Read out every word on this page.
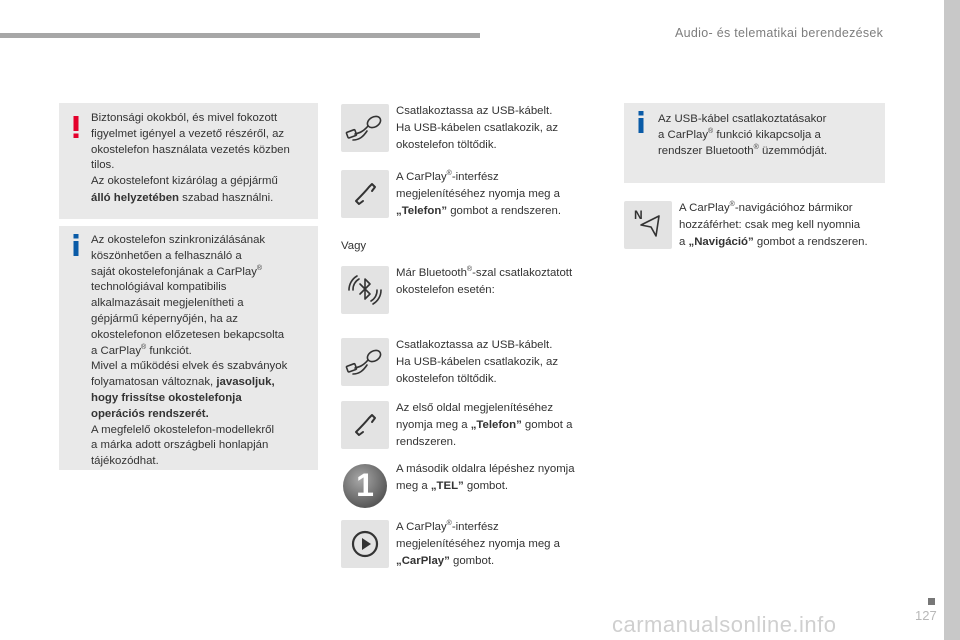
Audio- és telematikai berendezések
127
carmanualsonline.info

Biztonsági okokból, és mivel fokozott

figyelmet igényel a vezető részéről, az

okostelefon használata vezetés közben

tilos.

Az okostelefont kizárólag a gépjármű

álló helyzetében szabad használni.

Az okostelefon szinkronizálásának

köszönhetően a felhasználó a

saját okostelefonjának a CarPlay®

technológiával kompatibilis

alkalmazásait megjelenítheti a

gépjármű képernyőjén, ha az

okostelefonon előzetesen bekapcsolta

a CarPlay® funkciót.

Mivel a működési elvek és szabványok

folyamatosan változnak, javasoljuk,

hogy frissítse okostelefonja

operációs rendszerét.

A megfelelő okostelefon-modellekről

a márka adott országbeli honlapján

tájékozódhat.

Csatlakoztassa az USB-kábelt.

Ha USB-kábelen csatlakozik, az

okostelefon töltődik.

A CarPlay®-interfész

megjelenítéséhez nyomja meg a

„Telefon” gombot a rendszeren.

Vagy

Már Bluetooth®-szal csatlakoztatott

okostelefon esetén:

Csatlakoztassa az USB-kábelt.

Ha USB-kábelen csatlakozik, az

okostelefon töltődik.

Az első oldal megjelenítéséhez

nyomja meg a „Telefon” gombot a

rendszeren.

1	A második oldalra lépéshez nyomja

meg a „TEL” gombot.

A CarPlay®-interfész

megjelenítéséhez nyomja meg a

„CarPlay” gombot.

Az USB-kábel csatlakoztatásakor

a CarPlay® funkció kikapcsolja a

rendszer Bluetooth® üzemmódját.

N	A CarPlay®-navigációhoz bármikor

hozzáférhet: csak meg kell nyomnia

a „Navigáció” gombot a rendszeren.
